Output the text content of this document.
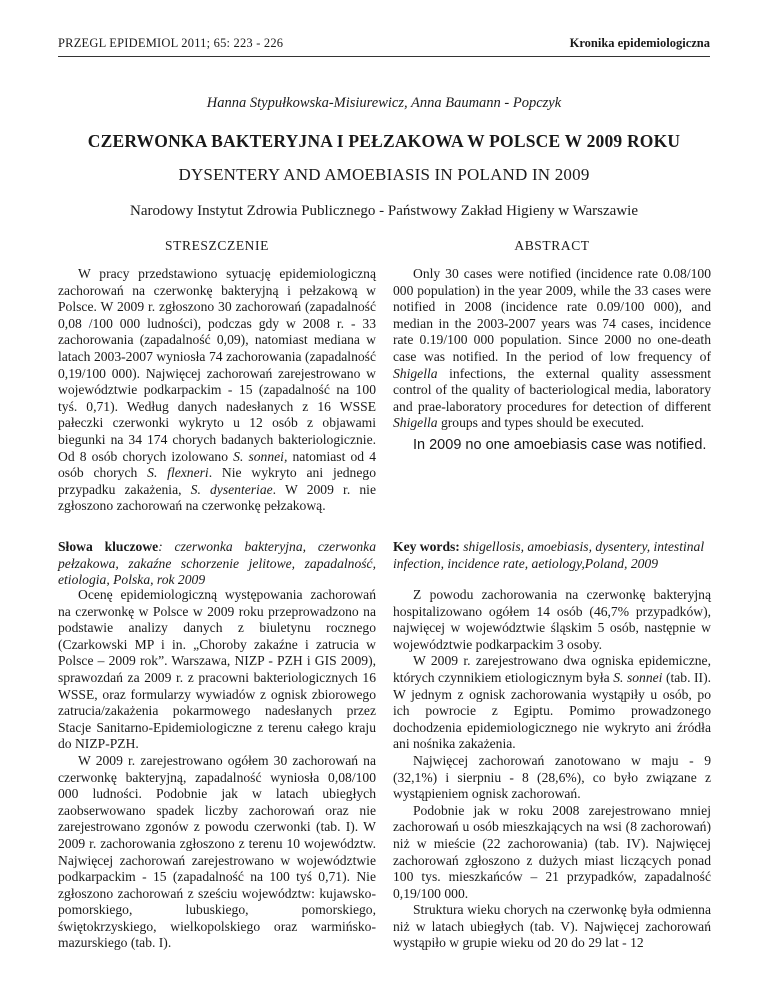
PRZEGL EPIDEMIOL 2011; 65: 223 - 226	Kronika epidemiologiczna
Hanna Stypułkowska-Misiurewicz, Anna Baumann - Popczyk
CZERWONKA BAKTERYJNA I PEŁZAKOWA W POLSCE W 2009 ROKU
DYSENTERY AND AMOEBIASIS IN POLAND IN 2009
Narodowy Instytut Zdrowia Publicznego - Państwowy Zakład Higieny w Warszawie
STRESZCZENIE	ABSTRACT

W pracy przedstawiono sytuację epidemiologiczną zachorowań na czerwonkę bakteryjną i pełzakową w Polsce. W 2009 r. zgłoszono 30 zachorowań (zapadalność 0,08 /100 000 ludności), podczas gdy w 2008 r. - 33 zachorowania (zapadalność 0,09), natomiast mediana w latach 2003-2007 wyniosła 74 zachorowania (zapadalność 0,19/100 000). Najwięcej zachorowań zarejestrowano w województwie podkarpackim - 15 (zapadalność na 100 tyś. 0,71). Według danych nadesłanych z 16 WSSE pałeczki czerwonki wykryto u 12 osób z objawami biegunki na 34 174 chorych badanych bakteriologicznie. Od 8 osób chorych izolowano S. sonnei, natomiast od 4 osób chorych S. flexneri. Nie wykryto ani jednego przypadku zakażenia, S. dysenteriae. W 2009 r. nie zgłoszono zachorowań na czerwonkę pełzakową.

Only 30 cases were notified (incidence rate 0.08/100 000 population) in the year 2009, while the 33 cases were notified in 2008 (incidence rate 0.09/100 000), and median in the 2003-2007 years was 74 cases, incidence rate 0.19/100 000 population. Since 2000 no one-death case was notified. In the period of low frequency of Shigella infections, the external quality assessment control of the quality of bacteriological media, laboratory and prae-laboratory procedures for detection of different Shigella groups and types should be executed.

In 2009 no one amoebiasis case was notified.

Słowa kluczowe: czerwonka bakteryjna, czerwonka pełzakowa, zakaźne schorzenie jelitowe, zapadalność, etiologia, Polska, rok 2009

Key words: shigellosis, amoebiasis, dysentery, intestinal infection, incidence rate, aetiology,Poland, 2009

Ocenę epidemiologiczną występowania zachorowań na czerwonkę w Polsce w 2009 roku przeprowadzono na podstawie analizy danych z biuletynu rocznego (Czarkowski MP i in. „Choroby zakaźne i zatrucia w Polsce – 2009 rok”. Warszawa, NIZP - PZH i GIS 2009), sprawozdań za 2009 r. z pracowni bakteriologicznych 16 WSSE, oraz formularzy wywiadów z ognisk zbiorowego zatrucia/zakażenia pokarmowego nadesłanych przez Stacje Sanitarno-Epidemiologiczne z terenu całego kraju do NIZP-PZH.

W 2009 r. zarejestrowano ogółem 30 zachorowań na czerwonkę bakteryjną, zapadalność wyniosła 0,08/100 000 ludności. Podobnie jak w latach ubiegłych zaobserwowano spadek liczby zachorowań oraz nie zarejestrowano zgonów z powodu czerwonki (tab. I). W 2009 r. zachorowania zgłoszono z terenu 10 województw. Najwięcej zachorowań zarejestrowano w województwie podkarpackim - 15 (zapadalność na 100 tyś 0,71). Nie zgłoszono zachorowań z sześciu województw: kujawsko-pomorskiego, lubuskiego, pomorskiego, świętokrzyskiego, wielkopolskiego oraz warmińsko-mazurskiego (tab. I).

Z powodu zachorowania na czerwonkę bakteryjną hospitalizowano ogółem 14 osób (46,7% przypadków), najwięcej w województwie śląskim 5 osób, następnie w województwie podkarpackim 3 osoby.

W 2009 r. zarejestrowano dwa ogniska epidemiczne, których czynnikiem etiologicznym była S. sonnei (tab. II). W jednym z ognisk zachorowania wystąpiły u osób, po ich powrocie z Egiptu. Pomimo prowadzonego dochodzenia epidemiologicznego nie wykryto ani źródła ani nośnika zakażenia.

Najwięcej zachorowań zanotowano w maju - 9 (32,1%) i sierpniu - 8 (28,6%), co było związane z wystąpieniem ognisk zachorowań.

Podobnie jak w roku 2008 zarejestrowano mniej zachorowań u osób mieszkających na wsi (8 zachorowań) niż w mieście (22 zachorowania) (tab. IV). Najwięcej zachorowań zgłoszono z dużych miast liczących ponad 100 tys. mieszkańców – 21 przypadków, zapadalność 0,19/100 000.

Struktura wieku chorych na czerwonkę była odmienna niż w latach ubiegłych (tab. V). Najwięcej zachorowań wystąpiło w grupie wieku od 20 do 29 lat - 12
